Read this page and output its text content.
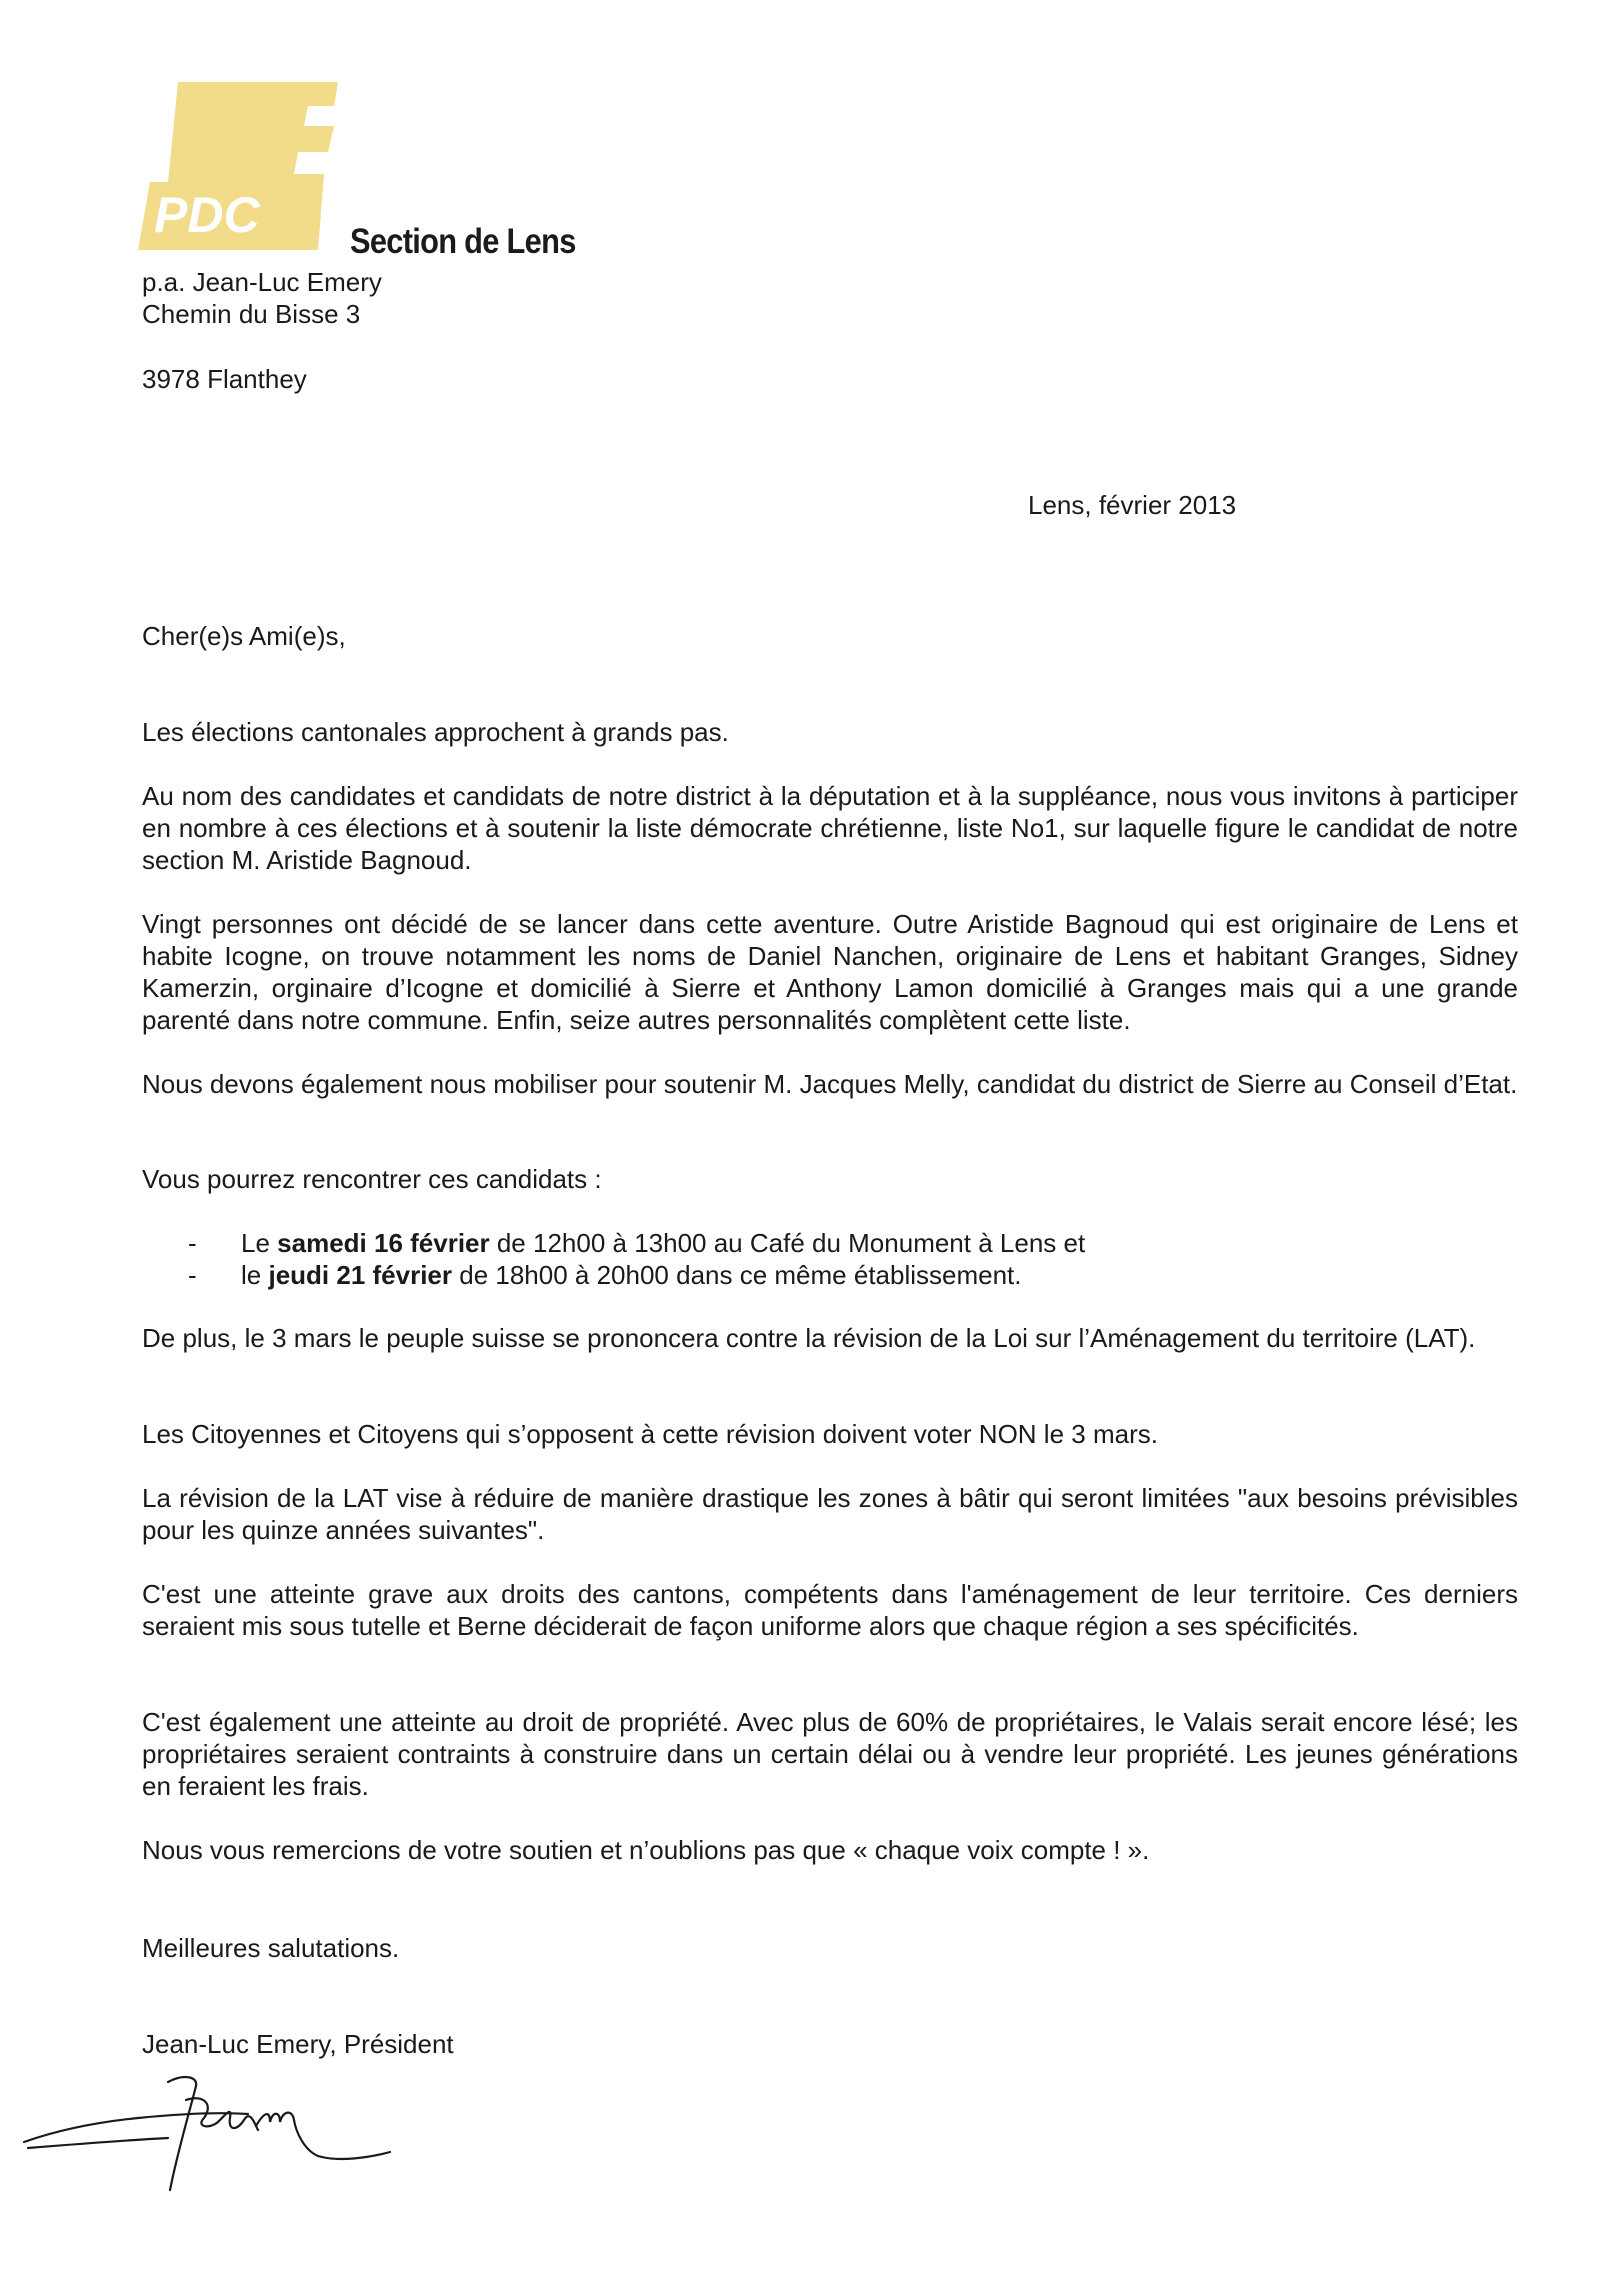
PDC	Section de Lens
p.a. Jean-Luc Emery
Chemin du Bisse 3
3978 Flanthey
Lens, février 2013
Cher(e)s Ami(e)s,
Les élections cantonales approchent à grands pas.
Au nom des candidates et candidats de notre district à la députation et à la suppléance, nous vous invitons à participer en nombre à ces élections et à soutenir la liste démocrate chrétienne, liste No1, sur laquelle figure le candidat de notre section M. Aristide Bagnoud.
Vingt personnes ont décidé de se lancer dans cette aventure. Outre Aristide Bagnoud qui est originaire de Lens et habite Icogne, on trouve notamment les noms de Daniel Nanchen, originaire de Lens et habitant Granges, Sidney Kamerzin, orginaire d’Icogne et domicilié à Sierre et Anthony Lamon domicilié à Granges mais qui a une grande parenté dans notre commune. Enfin, seize autres personnalités complètent cette liste.
Nous devons également nous mobiliser pour soutenir M. Jacques Melly, candidat du district de Sierre au Conseil d’Etat.
Vous pourrez rencontrer ces candidats :
- Le samedi 16 février de 12h00 à 13h00 au Café du Monument à Lens et
- le jeudi 21 février de 18h00 à 20h00 dans ce même établissement.
De plus, le 3 mars le peuple suisse se prononcera contre la révision de la Loi sur l’Aménagement du territoire (LAT).
Les Citoyennes et Citoyens qui s’opposent à cette révision doivent voter NON le 3 mars.
La révision de la LAT vise à réduire de manière drastique les zones à bâtir qui seront limitées "aux besoins prévisibles pour les quinze années suivantes".
C'est une atteinte grave aux droits des cantons, compétents dans l'aménagement de leur territoire. Ces derniers seraient mis sous tutelle et Berne déciderait de façon uniforme alors que chaque région a ses spécificités.
C'est également une atteinte au droit de propriété. Avec plus de 60% de propriétaires, le Valais serait encore lésé; les propriétaires seraient contraints à construire dans un certain délai ou à vendre leur propriété. Les jeunes générations en feraient les frais.
Nous vous remercions de votre soutien et n’oublions pas que « chaque voix compte ! ».
Meilleures salutations.
Jean-Luc Emery, Président
